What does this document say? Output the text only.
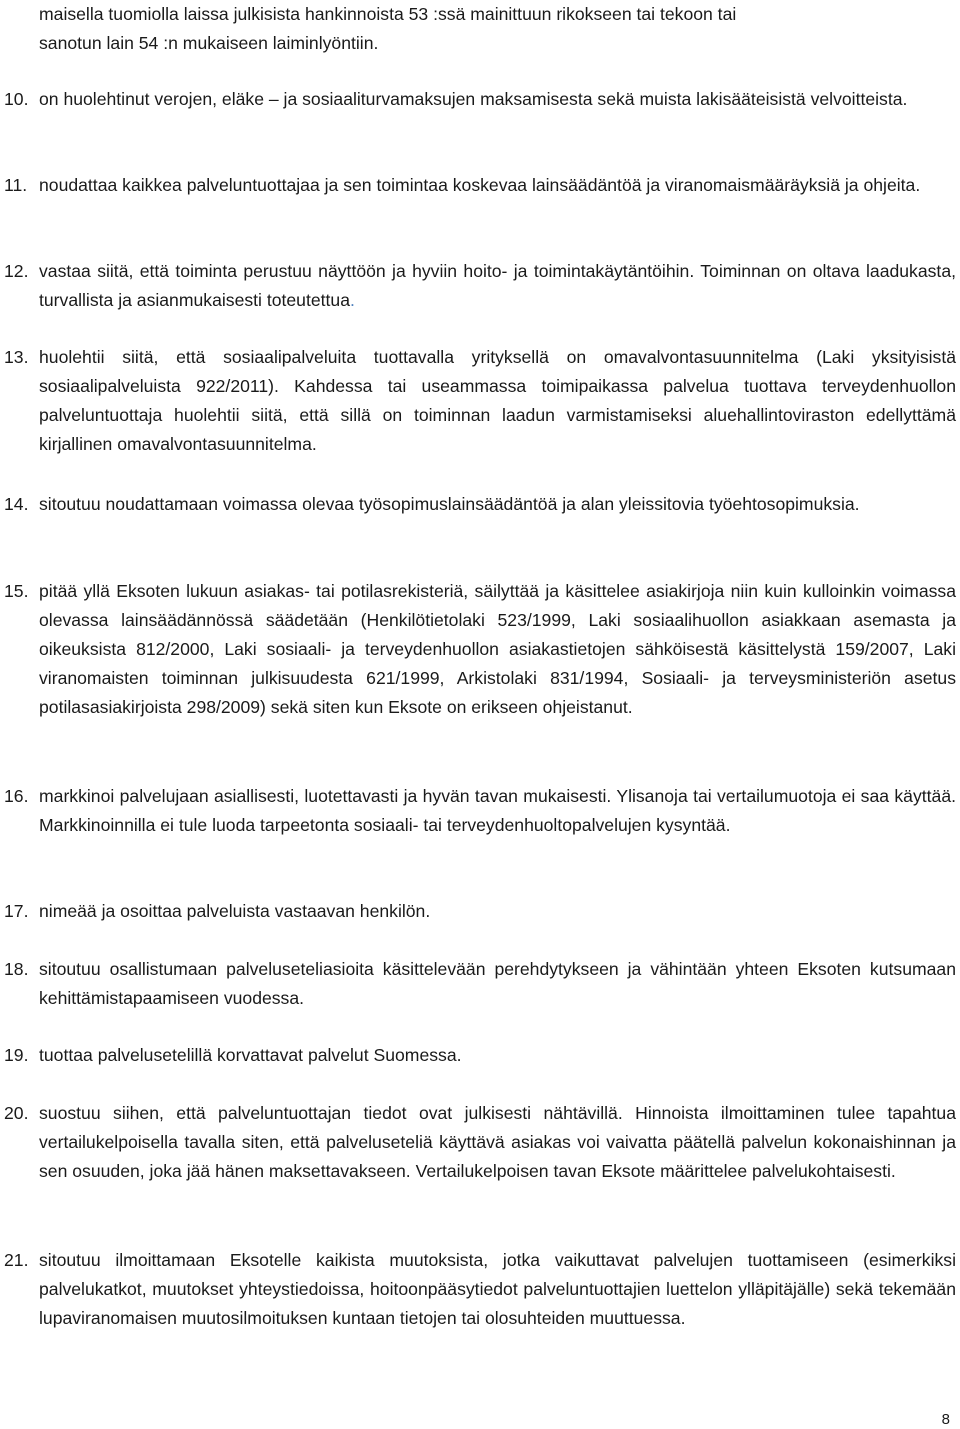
maisella tuomiolla laissa julkisista hankinnoista 53 :ssä mainittuun rikokseen tai tekoon tai
sanotun lain 54 :n mukaiseen laiminlyöntiin.

10. on huolehtinut verojen, eläke – ja sosiaaliturvamaksujen maksamisesta sekä muista lakisääteisistä velvoitteista.

11. noudattaa kaikkea palveluntuottajaa ja sen toimintaa koskevaa lainsäädäntöä ja viranomaismääräyksiä ja ohjeita.

12. vastaa siitä, että toiminta perustuu näyttöön ja hyviin hoito- ja toimintakäytäntöihin. Toiminnan on oltava laadukasta, turvallista ja asianmukaisesti toteutettua.

13. huolehtii siitä, että sosiaalipalveluita tuottavalla yrityksellä on omavalvontasuunnitelma (Laki yksityisistä sosiaalipalveluista 922/2011). Kahdessa tai useammassa toimipaikassa palvelua tuottava terveydenhuollon palveluntuottaja huolehtii siitä, että sillä on toiminnan laadun varmistamiseksi aluehallintoviraston edellyttämä kirjallinen omavalvontasuunnitelma.

14. sitoutuu noudattamaan voimassa olevaa työsopimuslainsäädäntöä ja alan yleissitovia työehtosopimuksia.

15. pitää yllä Eksoten lukuun asiakas- tai potilasrekisteriä, säilyttää ja käsittelee asiakirjoja niin kuin kulloinkin voimassa olevassa lainsäädännössä säädetään (Henkilötietolaki 523/1999, Laki sosiaalihuollon asiakkaan asemasta ja oikeuksista 812/2000, Laki sosiaali- ja terveydenhuollon asiakastietojen sähköisestä käsittelystä 159/2007, Laki viranomaisten toiminnan julkisuudesta 621/1999, Arkistolaki 831/1994, Sosiaali- ja terveysministeriön asetus potilasasiakirjoista 298/2009) sekä siten kun Eksote on erikseen ohjeistanut.

16. markkinoi palvelujaan asiallisesti, luotettavasti ja hyvän tavan mukaisesti. Ylisanoja tai vertailumuotoja ei saa käyttää. Markkinoinnilla ei tule luoda tarpeetonta sosiaali- tai terveydenhuoltopalvelujen kysyntää.

17. nimeää ja osoittaa palveluista vastaavan henkilön.

18. sitoutuu osallistumaan palveluseteliasioita käsittelevään perehdytykseen ja vähintään yhteen Eksoten kutsumaan kehittämistapaamiseen vuodessa.

19. tuottaa palvelusetelillä korvattavat palvelut Suomessa.

20. suostuu siihen, että palveluntuottajan tiedot ovat julkisesti nähtävillä. Hinnoista ilmoittaminen tulee tapahtua vertailukelpoisella tavalla siten, että palveluseteliä käyttävä asiakas voi vaivatta päätellä palvelun kokonaishinnan ja sen osuuden, joka jää hänen maksettavakseen. Vertailukelpoisen tavan Eksote määrittelee palvelukohtaisesti.

21. sitoutuu ilmoittamaan Eksotelle kaikista muutoksista, jotka vaikuttavat palvelujen tuottamiseen (esimerkiksi palvelukatkot, muutokset yhteystiedoissa, hoitoonpääsytiedot palveluntuottajien luettelon ylläpitäjälle) sekä tekemään lupaviranomaisen muutosilmoituksen kuntaan tietojen tai olosuhteiden muuttuessa.

8
